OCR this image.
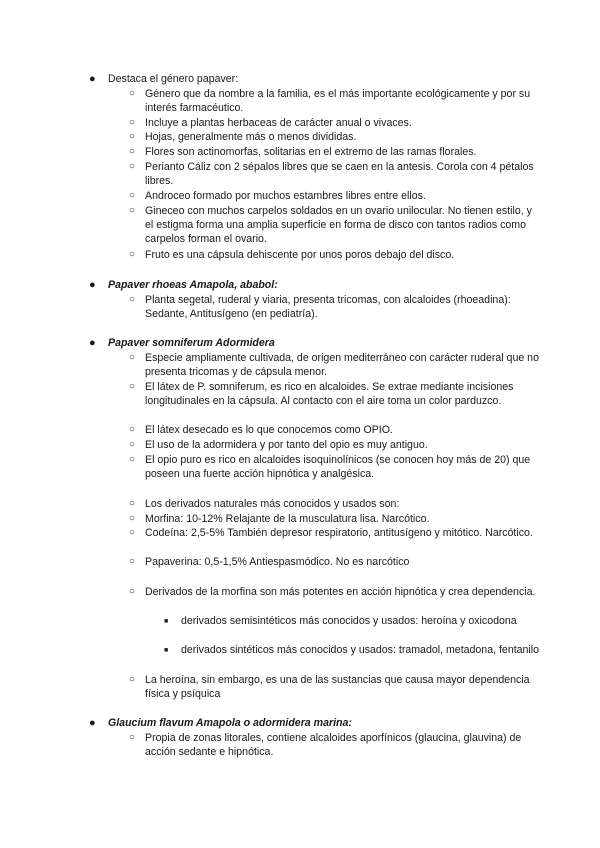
● Destaca el género papaver:
○ Género que da nombre a la familia, es el más importante ecológicamente y por su interés farmacéutico.
○ Incluye a plantas herbaceas de carácter anual o vivaces.
○ Hojas, generalmente más o menos divididas.
○ Flores son actinomorfas, solitarias en el extremo de las ramas florales.
○ Perianto Cáliz con 2 sépalos libres que se caen en la antesis. Corola con 4 pétalos libres.
○ Androceo formado por muchos estambres libres entre ellos.
○ Gineceo con muchos carpelos soldados en un ovario unilocular. No tienen estilo, y el estigma forma una amplia superficie en forma de disco con tantos radios como carpelos forman el ovario.
○ Fruto es una cápsula dehiscente por unos poros debajo del disco.
● Papaver rhoeas Amapola, ababol:
○ Planta segetal, ruderal y viaria, presenta tricomas, con alcaloides (rhoeadina): Sedante, Antitusígeno (en pediatría).
● Papaver somniferum Adormidera
○ Especie ampliamente cultivada, de origen mediterráneo con carácter ruderal que no presenta tricomas y de cápsula menor.
○ El látex de P. somniferum, es rico en alcaloides. Se extrae mediante incisiones longitudinales en la cápsula. Al contacto con el aire toma un color parduzco.
○ El látex desecado es lo que conocemos como OPIO.
○ El uso de la adormidera y por tanto del opio es muy antiguo.
○ El opio puro es rico en alcaloides isoquinolínicos (se conocen hoy más de 20) que poseen una fuerte acción hipnótica y analgésica.
○ Los derivados naturales más conocidos y usados son:
○ Morfina: 10-12% Relajante de la musculatura lisa. Narcótico.
○ Codeína: 2,5-5% También depresor respiratorio, antitusígeno y mitótico. Narcótico.
○ Papaverina: 0,5-1,5% Antiespasmódico. No es narcótico
○ Derivados de la morfina son más potentes en acción hipnótica y crea dependencia.
■ derivados semisintéticos más conocidos y usados: heroína y oxicodona
■ derivados sintéticos más conocidos y usados: tramadol, metadona, fentanilo
○ La heroína, sin embargo, es una de las sustancias que causa mayor dependencia física y psíquica
● Glaucium flavum Amapola o adormidera marina:
○ Propia de zonas litorales, contiene alcaloides aporfínicos (glaucina, glauvina) de acción sedante e hipnótica.
